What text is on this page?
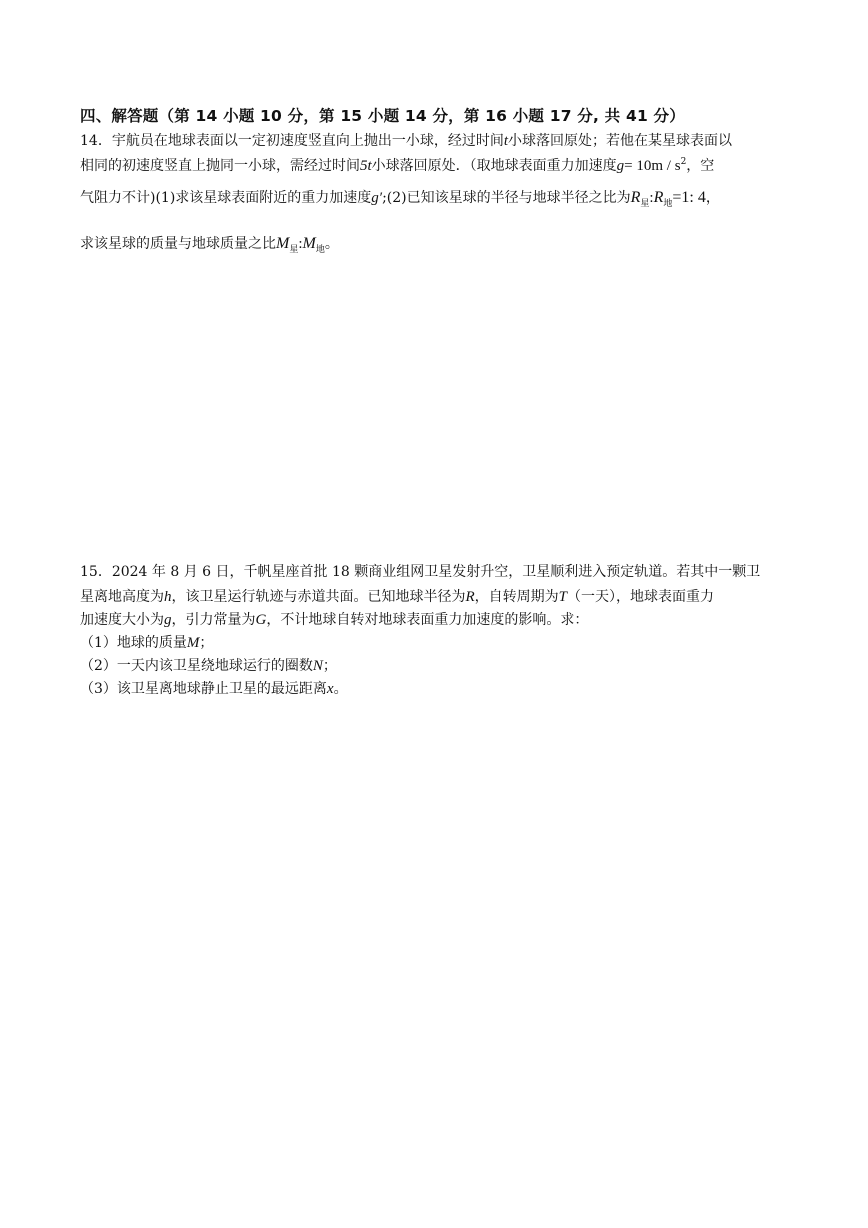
四、解答题（第 14 小题 10 分，第 15 小题 14 分，第 16 小题 17 分, 共 41 分）
14．宇航员在地球表面以一定初速度竖直向上抛出一小球，经过时间t小球落回原处；若他在某星球表面以
相同的初速度竖直上抛同一小球，需经过时间5t小球落回原处．（取地球表面重力加速度$g= 10m / s^2$，空
气阻力不计)(1)求该星球表面附近的重力加速度g′;(2)已知该星球的半径与地球半径之比为$R_星:R_地=1$: 4，
求该星球的质量与地球质量之比$M_星:M_地$。
15．2024 年 8 月 6 日，千帆星座首批 18 颗商业组网卫星发射升空，卫星顺利进入预定轨道。若其中一颗卫
星离地高度为h，该卫星运行轨迹与赤道共面。已知地球半径为R，自转周期为T（一天），地球表面重力
加速度大小为g，引力常量为G，不计地球自转对地球表面重力加速度的影响。求：
（1）地球的质量M；
（2）一天内该卫星绕地球运行的圈数N；
（3）该卫星离地球静止卫星的最远距离x。
